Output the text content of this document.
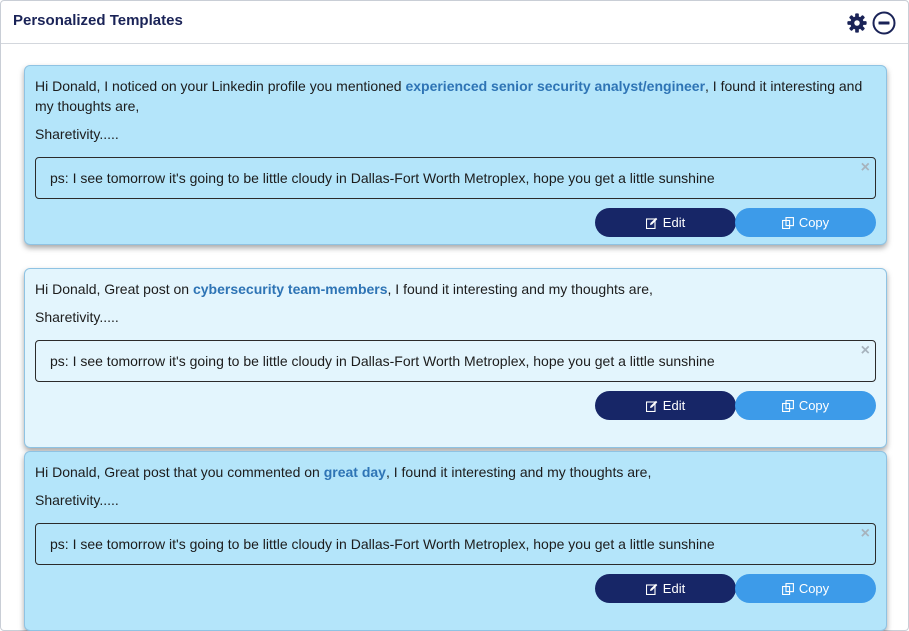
Personalized Templates
Hi Donald, I noticed on your Linkedin profile you mentioned experienced senior security analyst/engineer, I found it interesting and my thoughts are,
Sharetivity.....
ps: I see tomorrow it's going to be little cloudy in Dallas-Fort Worth Metroplex, hope you get a little sunshine
×
Edit	Copy
Hi Donald, Great post on cybersecurity team-members, I found it interesting and my thoughts are,
Sharetivity.....
ps: I see tomorrow it's going to be little cloudy in Dallas-Fort Worth Metroplex, hope you get a little sunshine
×
Edit	Copy
Hi Donald, Great post that you commented on great day, I found it interesting and my thoughts are,
Sharetivity.....
ps: I see tomorrow it's going to be little cloudy in Dallas-Fort Worth Metroplex, hope you get a little sunshine
×
Edit	Copy
